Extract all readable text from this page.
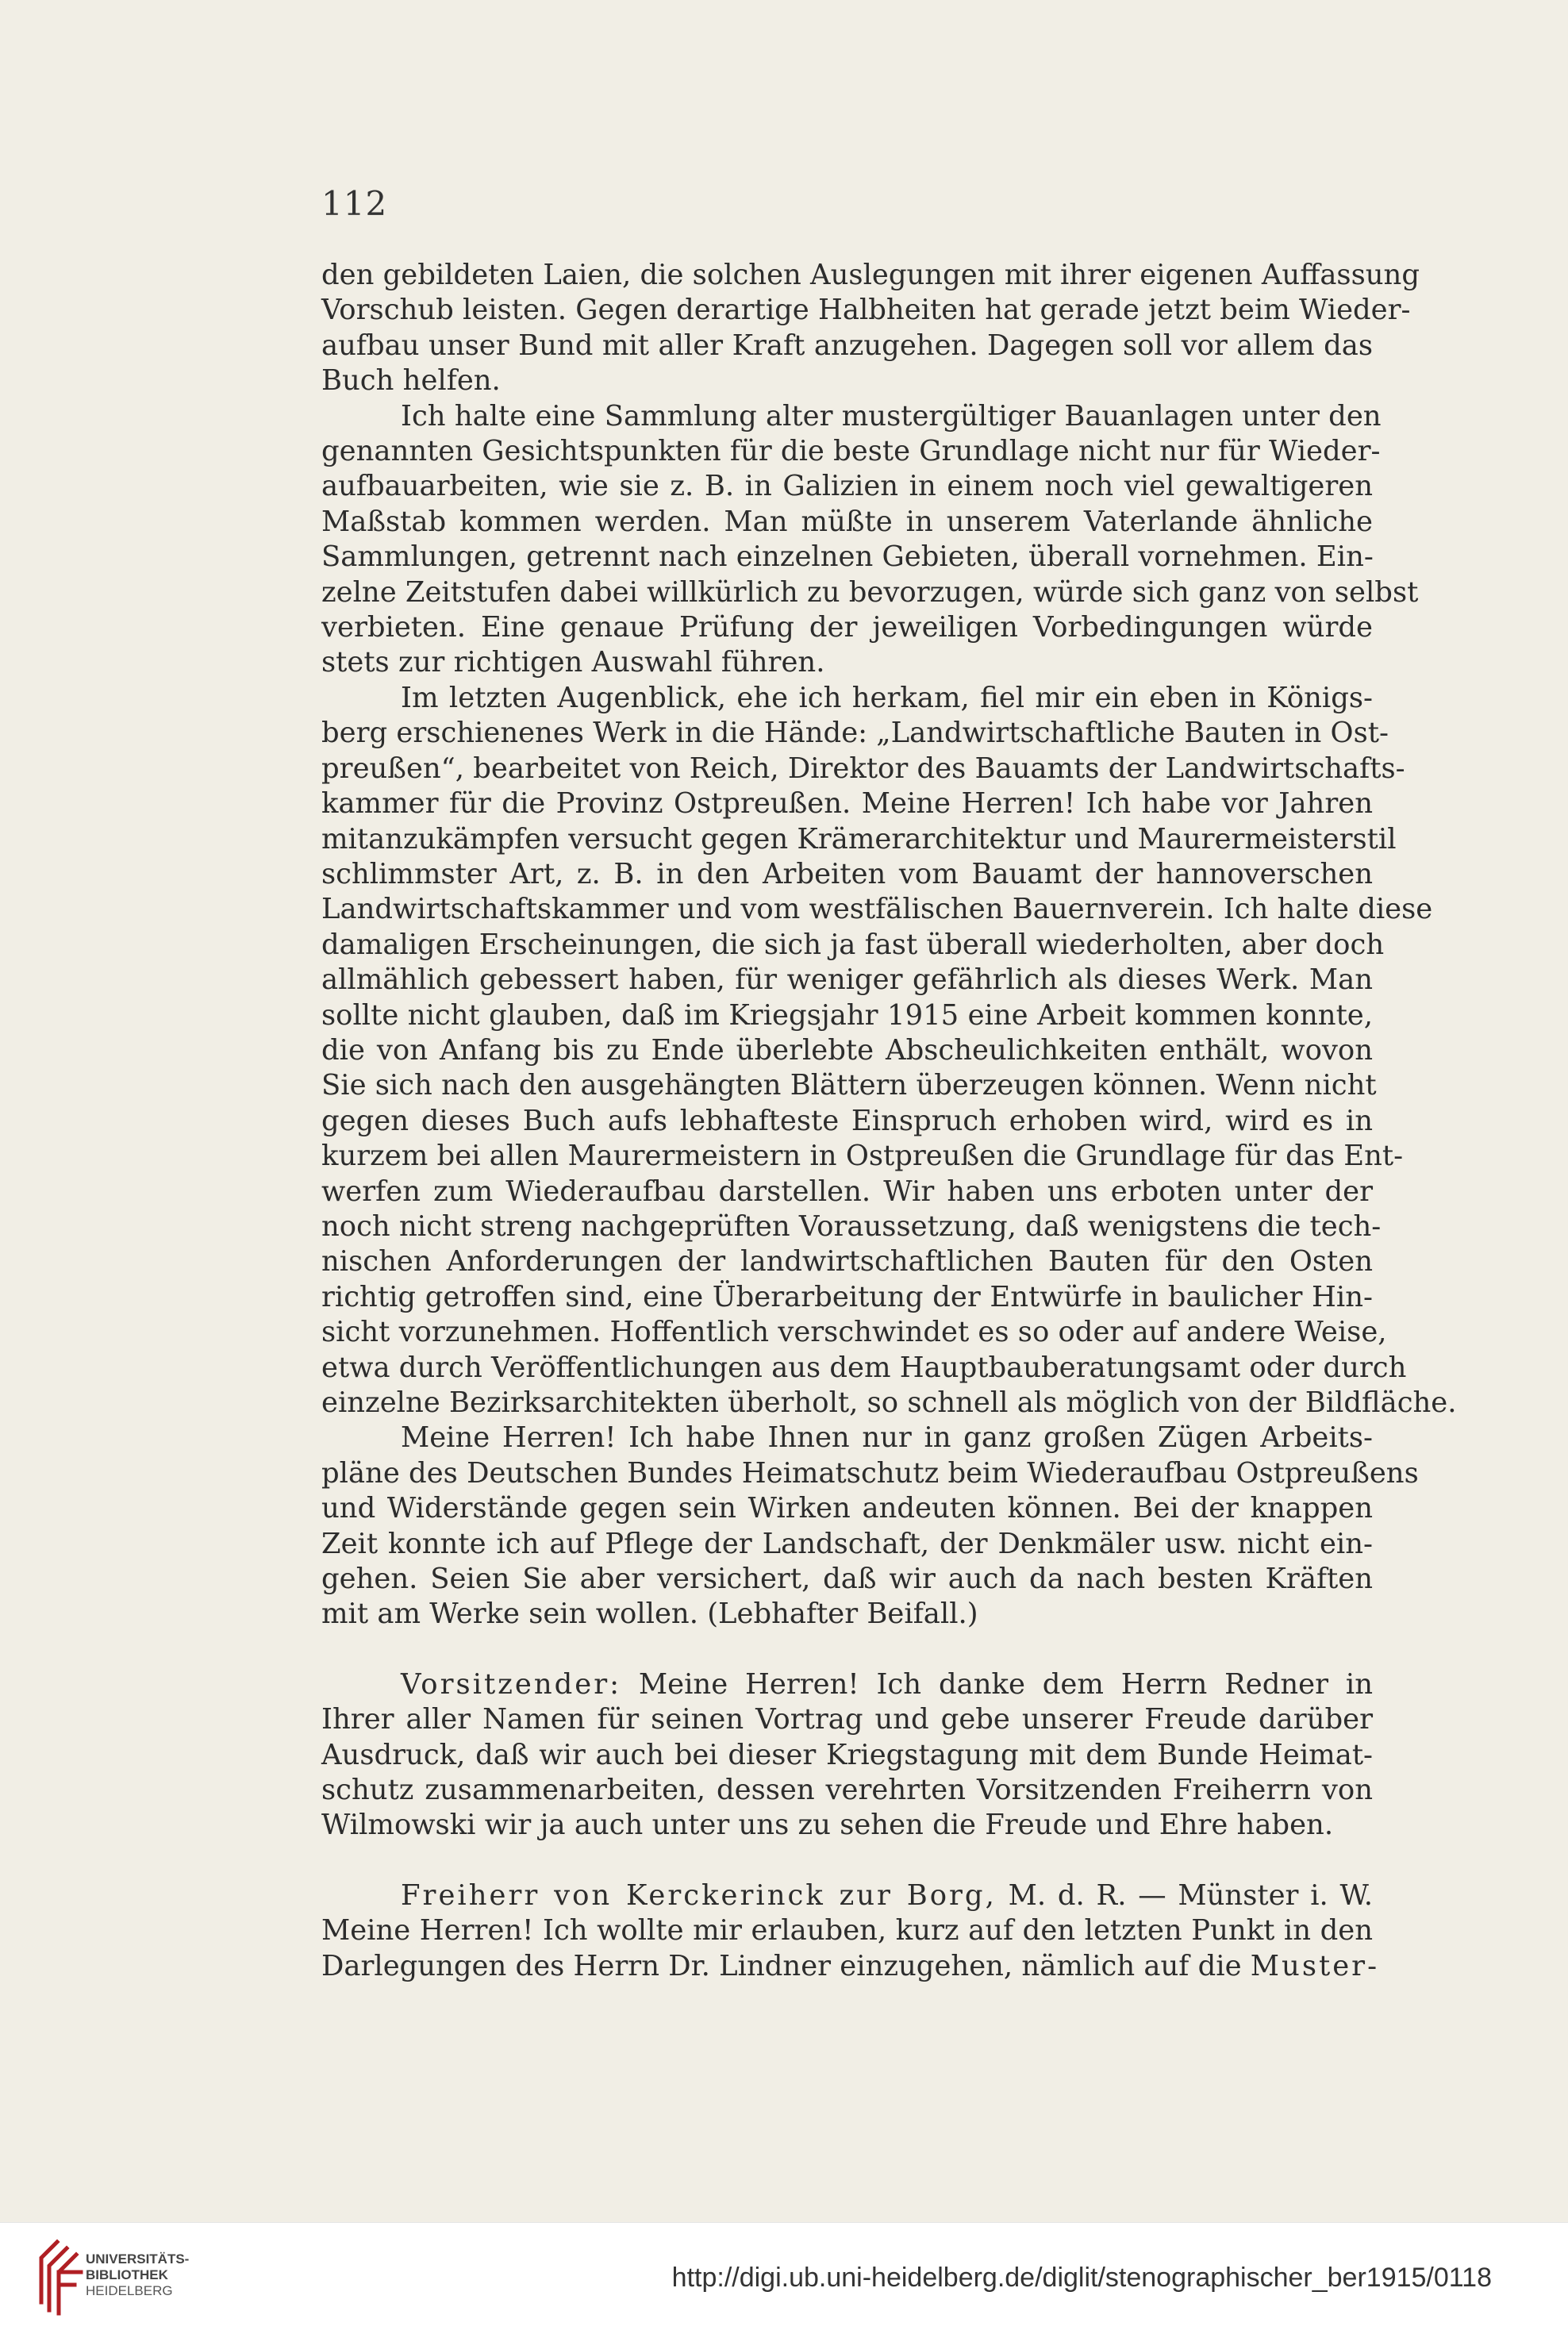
112
den gebildeten Laien, die solchen Auslegungen mit ihrer eigenen Auffassung
Vorschub leisten. Gegen derartige Halbheiten hat gerade jetzt beim Wieder-
aufbau unser Bund mit aller Kraft anzugehen. Dagegen soll vor allem das
Buch helfen.
Ich halte eine Sammlung alter mustergültiger Bauanlagen unter den
genannten Gesichtspunkten für die beste Grundlage nicht nur für Wieder-
aufbauarbeiten, wie sie z. B. in Galizien in einem noch viel gewaltigeren
Maßstab kommen werden. Man müßte in unserem Vaterlande ähnliche
Sammlungen, getrennt nach einzelnen Gebieten, überall vornehmen. Ein-
zelne Zeitstufen dabei willkürlich zu bevorzugen, würde sich ganz von selbst
verbieten. Eine genaue Prüfung der jeweiligen Vorbedingungen würde
stets zur richtigen Auswahl führen.
Im letzten Augenblick, ehe ich herkam, fiel mir ein eben in Königs-
berg erschienenes Werk in die Hände: „Landwirtschaftliche Bauten in Ost-
preußen“, bearbeitet von Reich, Direktor des Bauamts der Landwirtschafts-
kammer für die Provinz Ostpreußen. Meine Herren! Ich habe vor Jahren
mitanzukämpfen versucht gegen Krämerarchitektur und Maurermeisterstil
schlimmster Art, z. B. in den Arbeiten vom Bauamt der hannoverschen
Landwirtschaftskammer und vom westfälischen Bauernverein. Ich halte diese
damaligen Erscheinungen, die sich ja fast überall wiederholten, aber doch
allmählich gebessert haben, für weniger gefährlich als dieses Werk. Man
sollte nicht glauben, daß im Kriegsjahr 1915 eine Arbeit kommen konnte,
die von Anfang bis zu Ende überlebte Abscheulichkeiten enthält, wovon
Sie sich nach den ausgehängten Blättern überzeugen können. Wenn nicht
gegen dieses Buch aufs lebhafteste Einspruch erhoben wird, wird es in
kurzem bei allen Maurermeistern in Ostpreußen die Grundlage für das Ent-
werfen zum Wiederaufbau darstellen. Wir haben uns erboten unter der
noch nicht streng nachgeprüften Voraussetzung, daß wenigstens die tech-
nischen Anforderungen der landwirtschaftlichen Bauten für den Osten
richtig getroffen sind, eine Überarbeitung der Entwürfe in baulicher Hin-
sicht vorzunehmen. Hoffentlich verschwindet es so oder auf andere Weise,
etwa durch Veröffentlichungen aus dem Hauptbauberatungsamt oder durch
einzelne Bezirksarchitekten überholt, so schnell als möglich von der Bildfläche.
Meine Herren! Ich habe Ihnen nur in ganz großen Zügen Arbeits-
pläne des Deutschen Bundes Heimatschutz beim Wiederaufbau Ostpreußens
und Widerstände gegen sein Wirken andeuten können. Bei der knappen
Zeit konnte ich auf Pflege der Landschaft, der Denkmäler usw. nicht ein-
gehen. Seien Sie aber versichert, daß wir auch da nach besten Kräften
mit am Werke sein wollen. (Lebhafter Beifall.)
Vorsitzender: Meine Herren! Ich danke dem Herrn Redner in
Ihrer aller Namen für seinen Vortrag und gebe unserer Freude darüber
Ausdruck, daß wir auch bei dieser Kriegstagung mit dem Bunde Heimat-
schutz zusammenarbeiten, dessen verehrten Vorsitzenden Freiherrn von
Wilmowski wir ja auch unter uns zu sehen die Freude und Ehre haben.
Freiherr von Kerckerinck zur Borg, M. d. R. — Münster i. W.
Meine Herren! Ich wollte mir erlauben, kurz auf den letzten Punkt in den
Darlegungen des Herrn Dr. Lindner einzugehen, nämlich auf die Muster-
UNIVERSITÄTS-
BIBLIOTHEK
HEIDELBERG	http://digi.ub.uni-heidelberg.de/diglit/stenographischer_ber1915/0118
